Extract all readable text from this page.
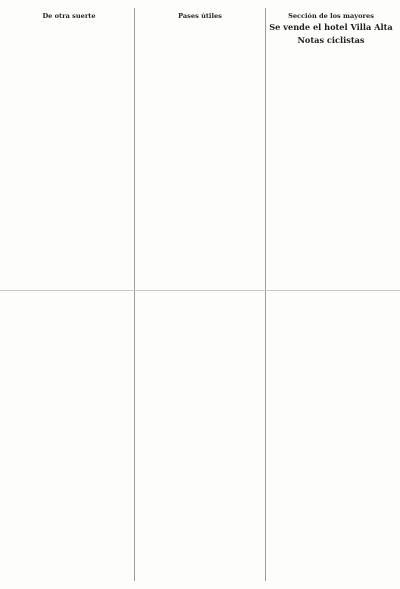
De otra suerte	Pases útiles	Sección de los mayores

Se vende el hotel Villa Alta
Notas ciclistas
